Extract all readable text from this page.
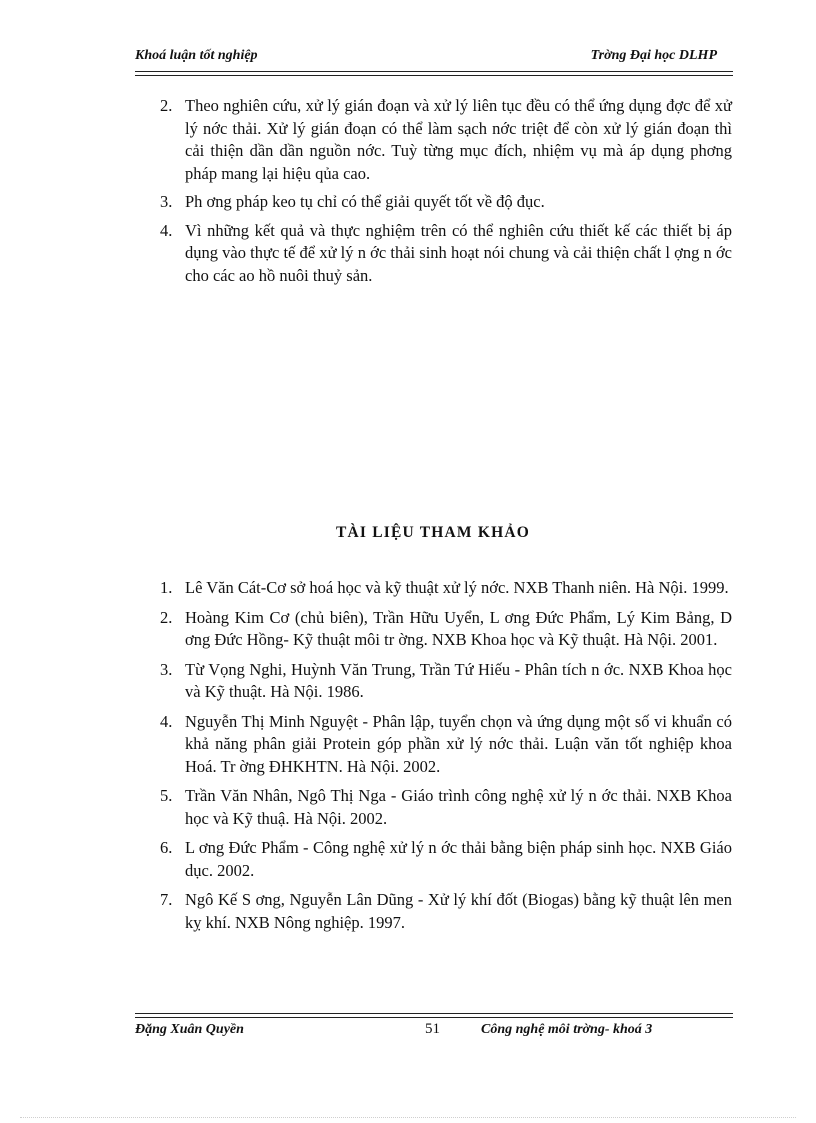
Khoá luận tốt nghiệp	Trờng Đại học DLHP
2. Theo nghiên cứu, xử lý gián đoạn và xử lý liên tục đều có thể ứng dụng đợc để xử lý nớc thải. Xử lý gián đoạn có thể làm sạch nớc triệt để còn xử lý gián đoạn thì cải thiện dần dần nguồn nớc. Tuỳ từng mục đích, nhiệm vụ mà áp dụng phơng pháp mang lại hiệu qủa cao.
3. Ph ơng pháp keo tụ chỉ có thể giải quyết tốt về độ đục.
4. Vì những kết quả và thực nghiệm trên có thể nghiên cứu thiết kế các thiết bị áp dụng vào thực tế để xử lý n ớc thải sinh hoạt nói chung và cải thiện chất l ợng n ớc cho các ao hồ nuôi thuỷ sản.
TÀI LIỆU THAM KHẢO
1. Lê Văn Cát-Cơ sở hoá học và kỹ thuật xử lý nớc. NXB Thanh niên. Hà Nội. 1999.
2. Hoàng Kim Cơ (chủ biên), Trần Hữu Uyển, L ơng Đức Phẩm, Lý Kim Bảng, D ơng Đức Hồng- Kỹ thuật môi tr ờng. NXB Khoa học và Kỹ thuật. Hà Nội. 2001.
3. Từ Vọng Nghi, Huỳnh Văn Trung, Trần Tứ Hiếu - Phân tích n ớc. NXB Khoa học và Kỹ thuật. Hà Nội. 1986.
4. Nguyễn Thị Minh Nguyệt - Phân lập, tuyển chọn và ứng dụng một số vi khuẩn có khả năng phân giải Protein góp phần xử lý nớc thải. Luận văn tốt nghiệp khoa Hoá. Tr ờng ĐHKHTN. Hà Nội. 2002.
5. Trần Văn Nhân, Ngô Thị Nga - Giáo trình công nghệ xử lý n ớc thải. NXB Khoa học và Kỹ thuậ. Hà Nội. 2002.
6. L ơng Đức Phẩm - Công nghệ xử lý n ớc thải bằng biện pháp sinh học. NXB Giáo dục. 2002.
7. Ngô Kế S ơng, Nguyễn Lân Dũng - Xử lý khí đốt (Biogas) bằng kỹ thuật lên men kỵ khí. NXB Nông nghiệp. 1997.
Đặng Xuân Quyền	51	Công nghệ môi trờng- khoá 3
